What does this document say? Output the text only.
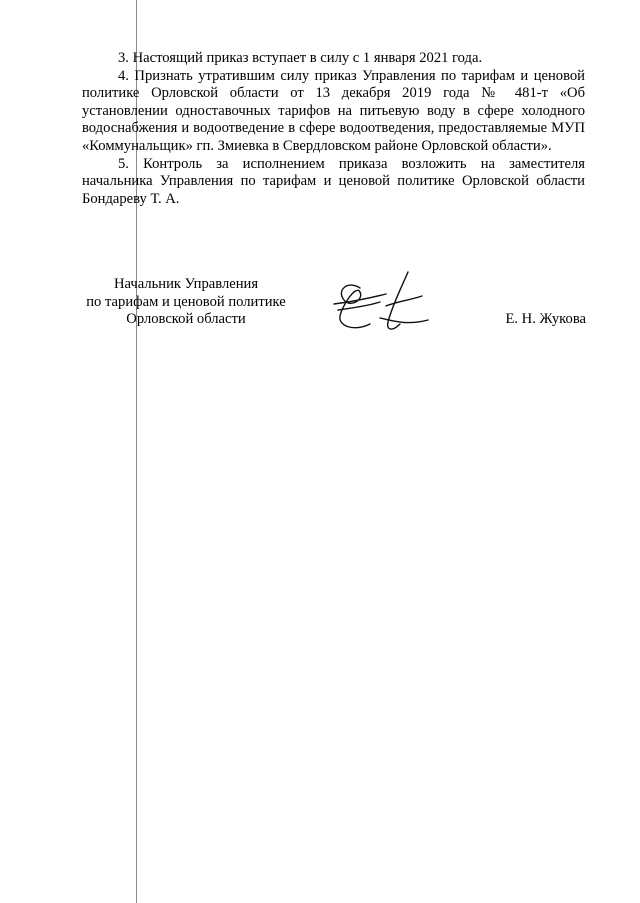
3. Настоящий приказ вступает в силу с 1 января 2021 года.

4. Признать утратившим силу приказ Управления по тарифам и ценовой политике Орловской области от 13 декабря 2019 года № 481-т «Об установлении одноставочных тарифов на питьевую воду в сфере холодного водоснабжения и водоотведение в сфере водоотведения, предоставляемые МУП «Коммунальщик» гп. Змиевка в Свердловском районе Орловской области».

5. Контроль за исполнением приказа возложить на заместителя начальника Управления по тарифам и ценовой политике Орловской области Бондареву Т. А.

Начальник Управления
по тарифам и ценовой политике
Орловской области	Е. Н. Жукова
